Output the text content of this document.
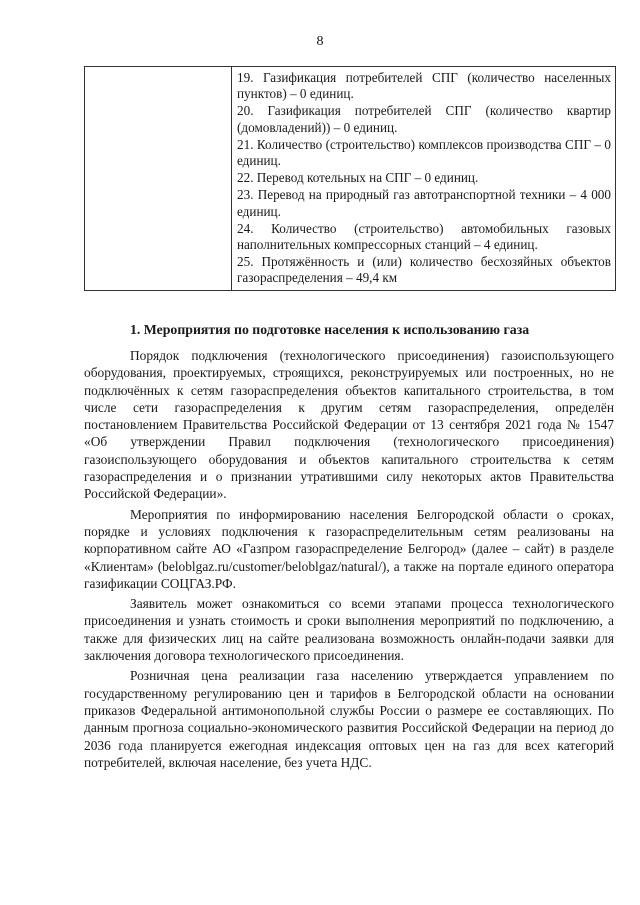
8

19. Газификация потребителей СПГ (количество населенных пунктов) – 0 единиц.
20. Газификация потребителей СПГ (количество квартир (домовладений)) – 0 единиц.
21. Количество (строительство) комплексов производства СПГ – 0 единиц.
22. Перевод котельных на СПГ – 0 единиц.
23. Перевод на природный газ автотранспортной техники – 4 000 единиц.
24. Количество (строительство) автомобильных газовых наполнительных компрессорных станций – 4 единиц.
25. Протяжённость и (или) количество бесхозяйных объектов газораспределения – 49,4 км
1. Мероприятия по подготовке населения к использованию газа

Порядок подключения (технологического присоединения) газоиспользующего оборудования, проектируемых, строящихся, реконструируемых или построенных, но не подключённых к сетям газораспределения объектов капитального строительства, в том числе сети газораспределения к другим сетям газораспределения, определён постановлением Правительства Российской Федерации от 13 сентября 2021 года № 1547 «Об утверждении Правил подключения (технологического присоединения) газоиспользующего оборудования и объектов капитального строительства к сетям газораспределения и о признании утратившими силу некоторых актов Правительства Российской Федерации».

Мероприятия по информированию населения Белгородской области о сроках, порядке и условиях подключения к газораспределительным сетям реализованы на корпоративном сайте АО «Газпром газораспределение Белгород» (далее – сайт) в разделе «Клиентам» (beloblgaz.ru/customer/beloblgaz/natural/), а также на портале единого оператора газификации СОЦГАЗ.РФ.

Заявитель может ознакомиться со всеми этапами процесса технологического присоединения и узнать стоимость и сроки выполнения мероприятий по подключению, а также для физических лиц на сайте реализована возможность онлайн-подачи заявки для заключения договора технологического присоединения.

Розничная цена реализации газа населению утверждается управлением по государственному регулированию цен и тарифов в Белгородской области на основании приказов Федеральной антимонопольной службы России о размере ее составляющих. По данным прогноза социально-экономического развития Российской Федерации на период до 2036 года планируется ежегодная индексация оптовых цен на газ для всех категорий потребителей, включая население, без учета НДС.
